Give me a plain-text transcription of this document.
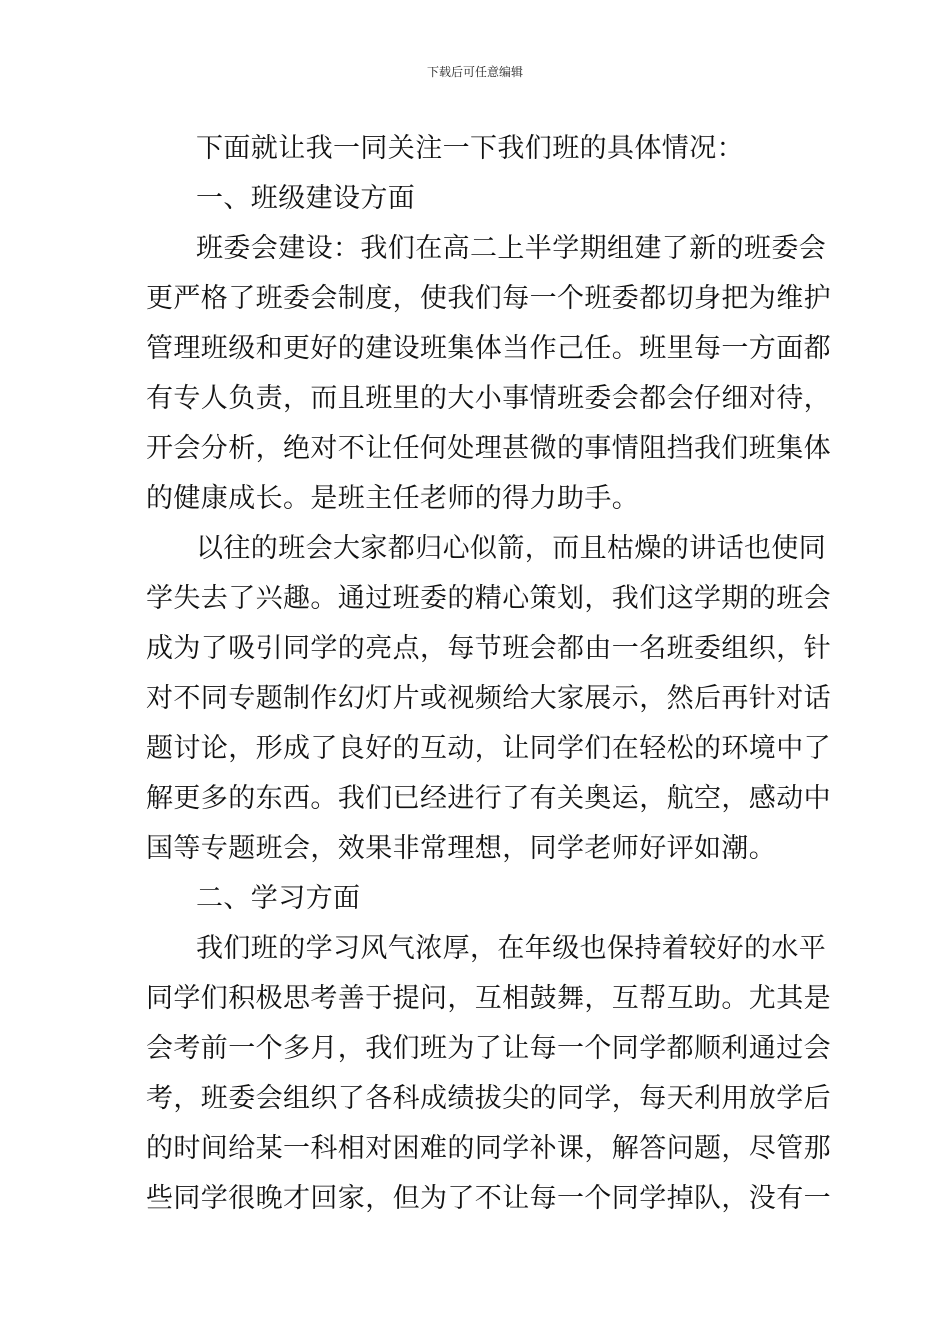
下载后可任意编辑
下面就让我一同关注一下我们班的具体情况：
一、班级建设方面
班委会建设：我们在高二上半学期组建了新的班委会
更严格了班委会制度，使我们每一个班委都切身把为维护
管理班级和更好的建设班集体当作己任。班里每一方面都
有专人负责，而且班里的大小事情班委会都会仔细对待，
开会分析，绝对不让任何处理甚微的事情阻挡我们班集体
的健康成长。是班主任老师的得力助手。
以往的班会大家都归心似箭，而且枯燥的讲话也使同
学失去了兴趣。通过班委的精心策划，我们这学期的班会
成为了吸引同学的亮点，每节班会都由一名班委组织，针
对不同专题制作幻灯片或视频给大家展示，然后再针对话
题讨论，形成了良好的互动，让同学们在轻松的环境中了
解更多的东西。我们已经进行了有关奥运，航空，感动中
国等专题班会，效果非常理想，同学老师好评如潮。
二、学习方面
我们班的学习风气浓厚，在年级也保持着较好的水平
同学们积极思考善于提问，互相鼓舞，互帮互助。尤其是
会考前一个多月，我们班为了让每一个同学都顺利通过会
考，班委会组织了各科成绩拔尖的同学，每天利用放学后
的时间给某一科相对困难的同学补课，解答问题，尽管那
些同学很晚才回家，但为了不让每一个同学掉队，没有一
